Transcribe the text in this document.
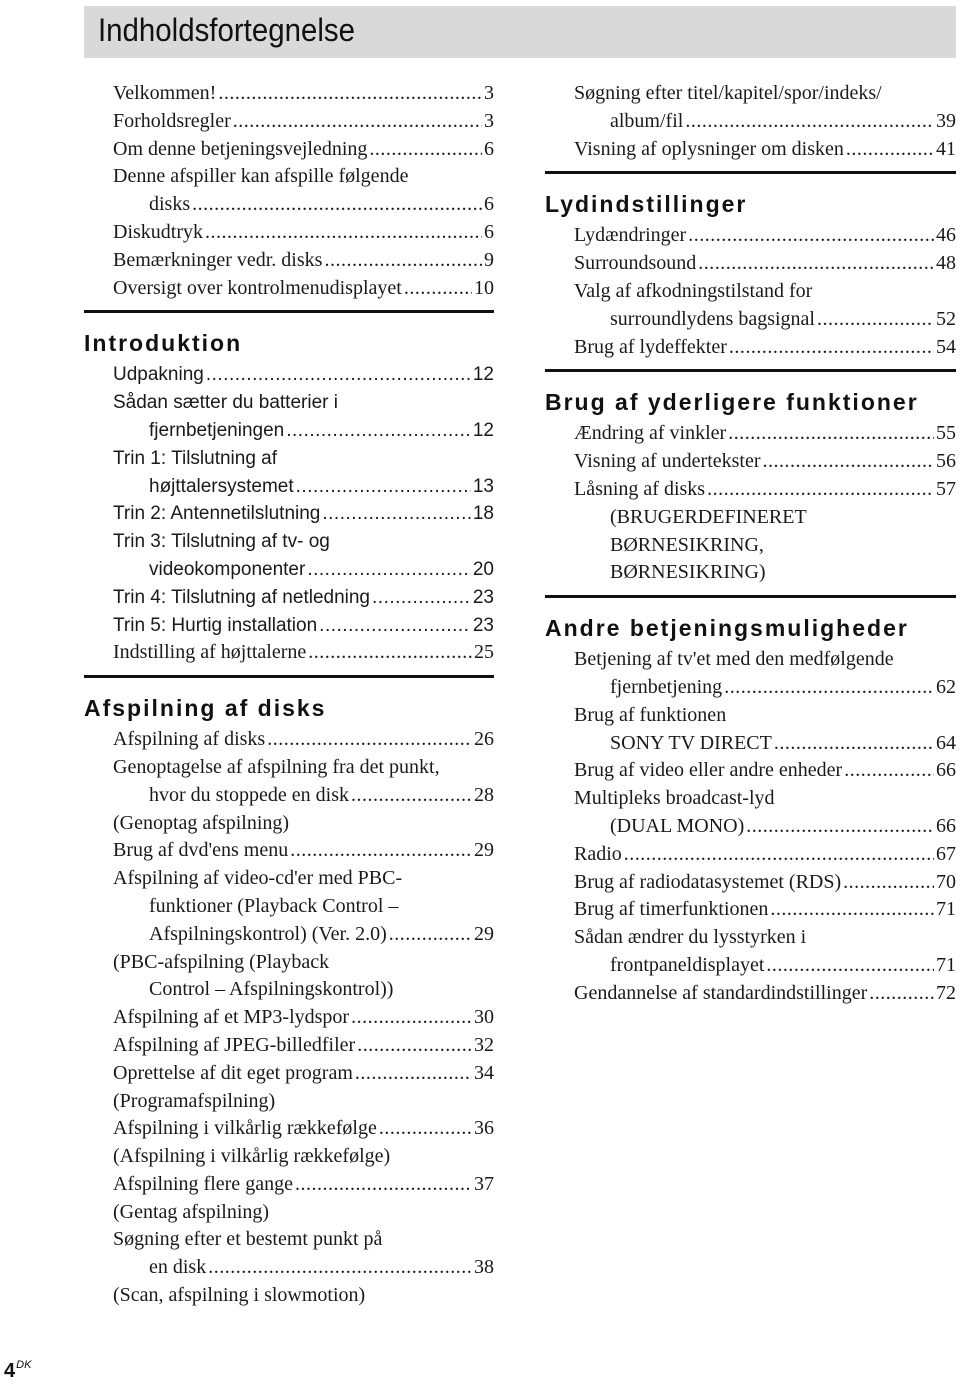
Indholdsfortegnelse
Velkommen! .....	3
Forholdsregler .....	3
Om denne betjeningsvejledning .....	6
Denne afspiller kan afspille følgende
disks .....	6
Diskudtryk .....	6
Bemærkninger vedr. disks .....	9
Oversigt over kontrolmenudisplayet .....	10
Introduktion
Udpakning .....	12
Sådan sætter du batterier i
fjernbetjeningen .....	12
Trin 1: Tilslutning af
højttalersystemet .....	13
Trin 2: Antennetilslutning .....	18
Trin 3: Tilslutning af tv- og
videokomponenter .....	20
Trin 4: Tilslutning af netledning .....	23
Trin 5: Hurtig installation .....	23
Indstilling af højttalerne .....	25
Afspilning af disks
Afspilning af disks .....	26
Genoptagelse af afspilning fra det punkt,
hvor du stoppede en disk .....	28
(Genoptag afspilning)
Brug af dvd'ens menu .....	29
Afspilning af video-cd'er med PBC-
funktioner (Playback Control –
Afspilningskontrol) (Ver. 2.0) .....	29
(PBC-afspilning (Playback
Control – Afspilningskontrol))
Afspilning af et MP3-lydspor .....	30
Afspilning af JPEG-billedfiler .....	32
Oprettelse af dit eget program .....	34
(Programafspilning)
Afspilning i vilkårlig rækkefølge .....	36
(Afspilning i vilkårlig rækkefølge)
Afspilning flere gange .....	37
(Gentag afspilning)
Søgning efter et bestemt punkt på
en disk .....	38
(Scan, afspilning i slowmotion)
Søgning efter titel/kapitel/spor/indeks/
album/fil .....	39
Visning af oplysninger om disken .....	41
Lydindstillinger
Lydændringer .....	46
Surroundsound .....	48
Valg af afkodningstilstand for
surroundlydens bagsignal .....	52
Brug af lydeffekter .....	54
Brug af yderligere funktioner
Ændring af vinkler .....	55
Visning af undertekster .....	56
Låsning af disks .....	57
(BRUGERDEFINERET
BØRNESIKRING,
BØRNESIKRING)
Andre betjeningsmuligheder
Betjening af tv'et med den medfølgende
fjernbetjening .....	62
Brug af funktionen
SONY TV DIRECT .....	64
Brug af video eller andre enheder .....	66
Multipleks broadcast-lyd
(DUAL MONO) .....	66
Radio .....	67
Brug af radiodatasystemet (RDS) .....	70
Brug af timerfunktionen .....	71
Sådan ændrer du lysstyrken i
frontpaneldisplayet .....	71
Gendannelse af standardindstillinger .....	72
$4^{DK}$
